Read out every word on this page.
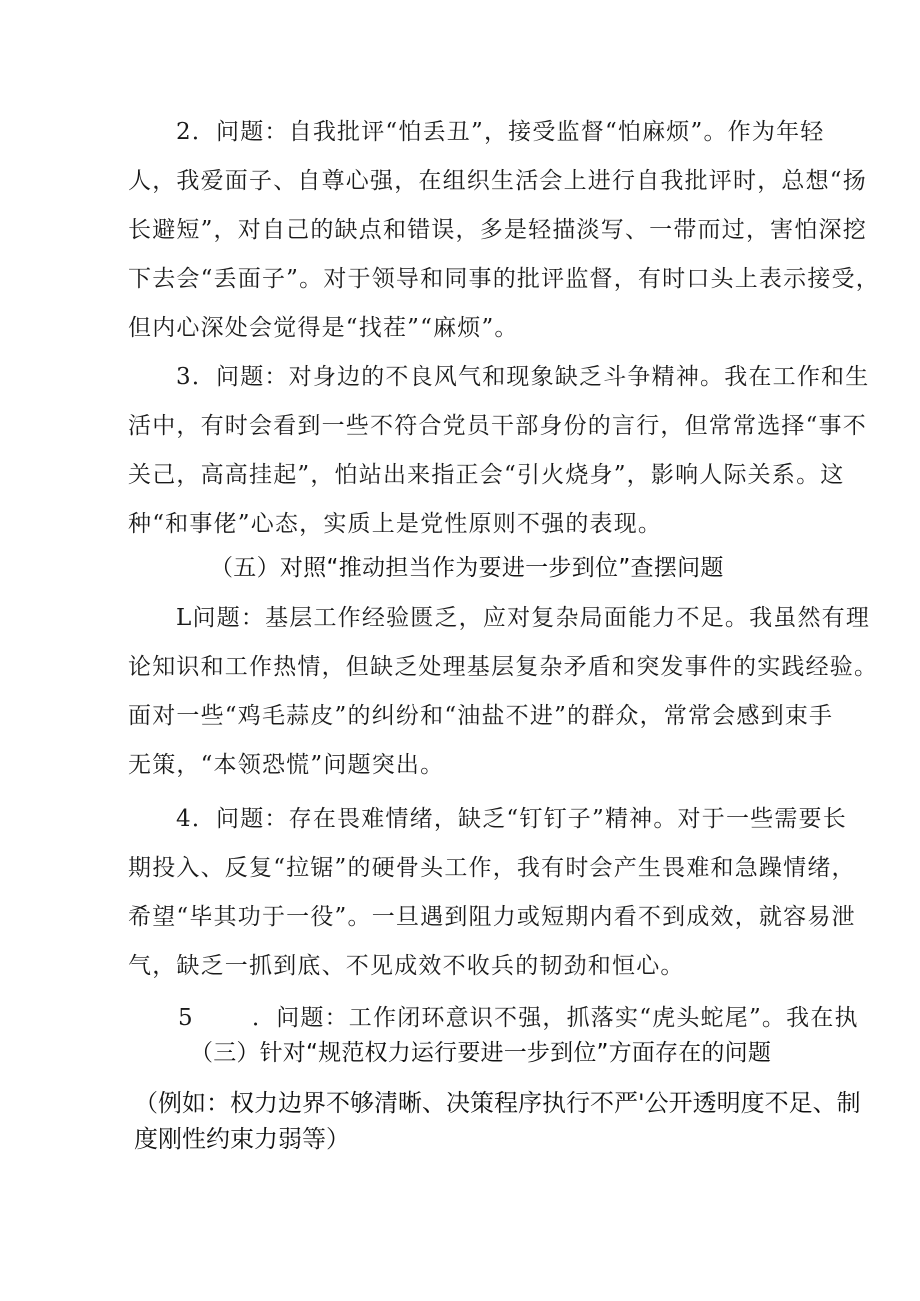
2．问题：自我批评“怕丢丑”，接受监督“怕麻烦”。作为年轻
人，我爱面子、自尊心强，在组织生活会上进行自我批评时，总想“扬
长避短”，对自己的缺点和错误，多是轻描淡写、一带而过，害怕深挖
下去会“丢面子”。对于领导和同事的批评监督，有时口头上表示接受，
但内心深处会觉得是“找茬”“麻烦”。
3．问题：对身边的不良风气和现象缺乏斗争精神。我在工作和生
活中，有时会看到一些不符合党员干部身份的言行，但常常选择“事不
关己，高高挂起”，怕站出来指正会“引火烧身”，影响人际关系。这
种“和事佬”心态，实质上是党性原则不强的表现。
（五）对照“推动担当作为要进一步到位”查摆问题
L问题：基层工作经验匮乏，应对复杂局面能力不足。我虽然有理
论知识和工作热情，但缺乏处理基层复杂矛盾和突发事件的实践经验。
面对一些“鸡毛蒜皮”的纠纷和“油盐不进”的群众，常常会感到束手
无策，“本领恐慌”问题突出。
4．问题：存在畏难情绪，缺乏“钉钉子”精神。对于一些需要长
期投入、反复“拉锯”的硬骨头工作，我有时会产生畏难和急躁情绪，
希望“毕其功于一役”。一旦遇到阻力或短期内看不到成效，就容易泄
气，缺乏一抓到底、不见成效不收兵的韧劲和恒心。
5	．问题：工作闭环意识不强，抓落实“虎头蛇尾”。我在执
（三）针对“规范权力运行要进一步到位”方面存在的问题
（例如：权力边界不够清晰、决策程序执行不严'公开透明度不足、制
度刚性约束力弱等）
